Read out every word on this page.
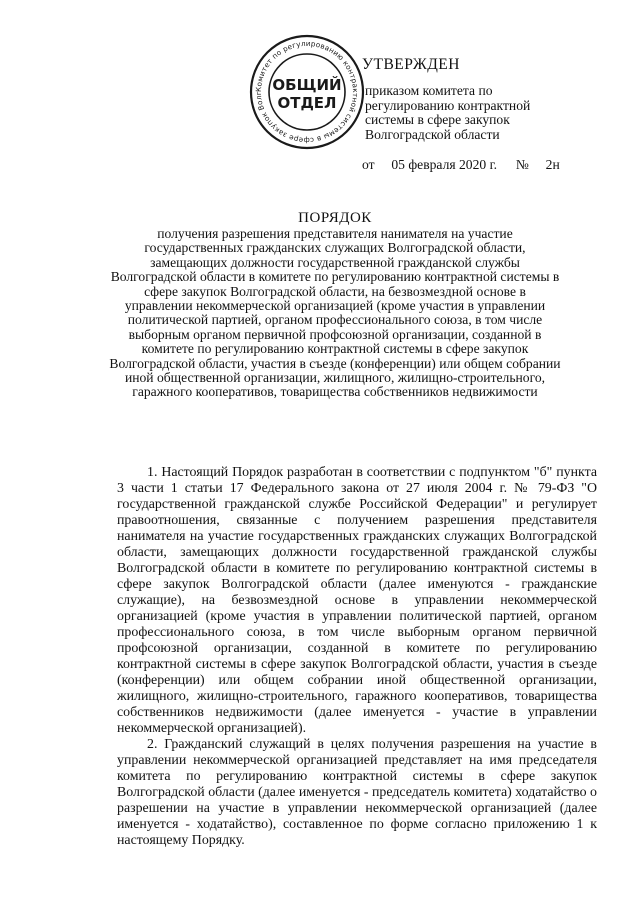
Комитет по регулированию контрактной системы в сфере закупок Волг ОБЩИЙ
ОТДЕЛ
УТВЕРЖДЕН
приказом комитета по
регулированию контрактной
системы в сфере закупок
Волгоградской области
от 05 февраля 2020 г. № 2н
ПОРЯДОК
получения разрешения представителя нанимателя на участие
государственных гражданских служащих Волгоградской области,
замещающих должности государственной гражданской службы
Волгоградской области в комитете по регулированию контрактной системы в
сфере закупок Волгоградской области, на безвозмездной основе в
управлении некоммерческой организацией (кроме участия в управлении
политической партией, органом профессионального союза, в том числе
выборным органом первичной профсоюзной организации, созданной в
комитете по регулированию контрактной системы в сфере закупок
Волгоградской области, участия в съезде (конференции) или общем собрании
иной общественной организации, жилищного, жилищно-строительного,
гаражного кооперативов, товарищества собственников недвижимости

1. Настоящий Порядок разработан в соответствии с подпунктом "б" пункта 3 части 1 статьи 17 Федерального закона от 27 июля 2004 г. № 79-ФЗ "О государственной гражданской службе Российской Федерации" и регулирует правоотношения, связанные с получением разрешения представителя нанимателя на участие государственных гражданских служащих Волгоградской области, замещающих должности государственной гражданской службы Волгоградской области в комитете по регулированию контрактной системы в сфере закупок Волгоградской области (далее именуются - гражданские служащие), на безвозмездной основе в управлении некоммерческой организацией (кроме участия в управлении политической партией, органом профессионального союза, в том числе выборным органом первичной профсоюзной организации, созданной в комитете по регулированию контрактной системы в сфере закупок Волгоградской области, участия в съезде (конференции) или общем собрании иной общественной организации, жилищного, жилищно-строительного, гаражного кооперативов, товарищества собственников недвижимости (далее именуется - участие в управлении некоммерческой организацией).

2. Гражданский служащий в целях получения разрешения на участие в управлении некоммерческой организацией представляет на имя председателя комитета по регулированию контрактной системы в сфере закупок Волгоградской области (далее именуется - председатель комитета) ходатайство о разрешении на участие в управлении некоммерческой организацией (далее именуется - ходатайство), составленное по форме согласно приложению 1 к настоящему Порядку.
